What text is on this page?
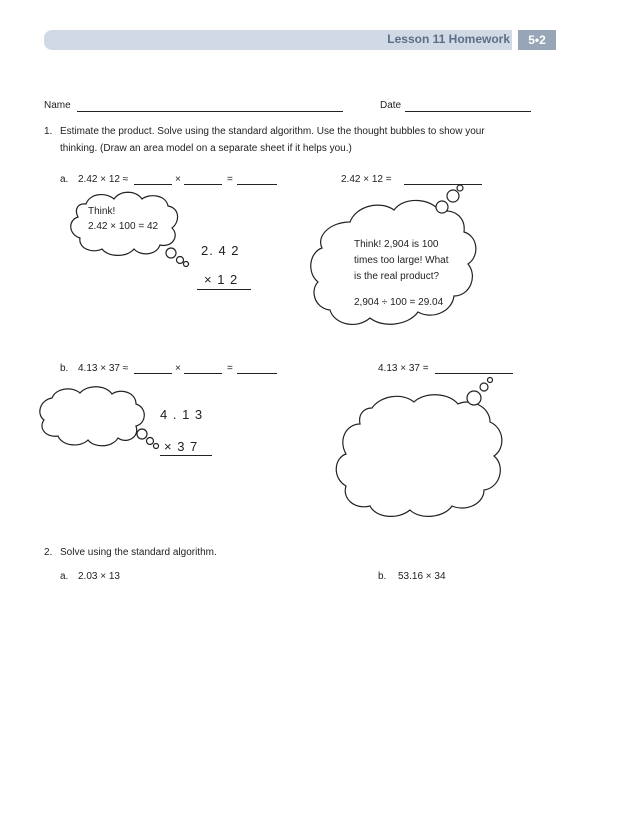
Lesson 11 Homework	5•2
Name	Date
1. Estimate the product. Solve using the standard algorithm. Use the thought bubbles to show your
thinking. (Draw an area model on a separate sheet if it helps you.)
a. 2.42 × 12 ≈	×	=	2.42 × 12 =
Think!
2.42 × 100 = 42
2. 4 2
× 1 2
Think! 2,904 is 100
times too large! What
is the real product?
2,904 ÷ 100 = 29.04
b. 4.13 × 37 ≈	×	=	4.13 × 37 =
4 . 1 3
× 3 7
2. Solve using the standard algorithm.
a. 2.03 × 13	b. 53.16 × 34
